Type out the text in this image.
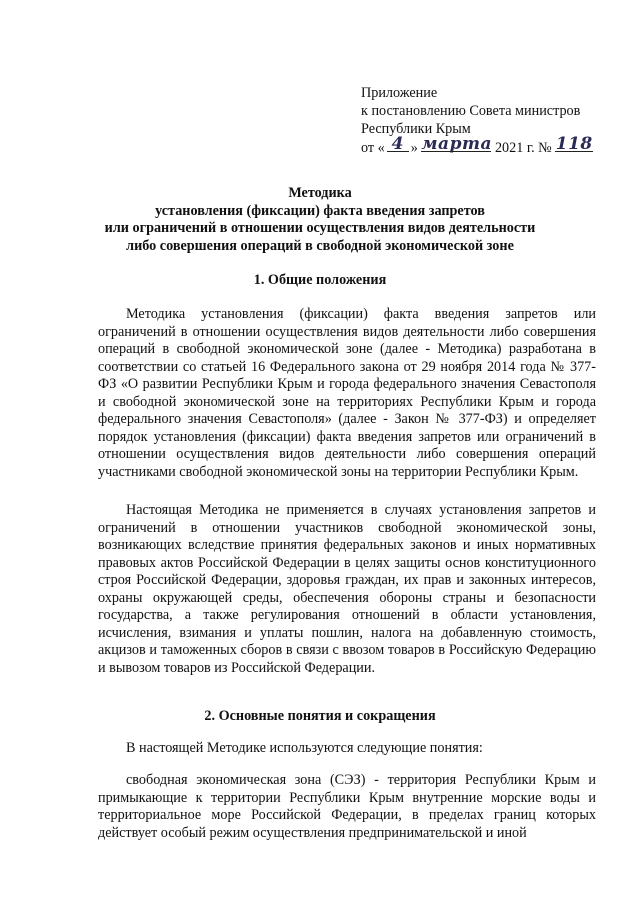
Приложение
к постановлению Совета министров
Республики Крым
от « 4 » марта 2021 г. № 118
Методика
установления (фиксации) факта введения запретов
или ограничений в отношении осуществления видов деятельности
либо совершения операций в свободной экономической зоне
1. Общие положения

Методика установления (фиксации) факта введения запретов или ограничений в отношении осуществления видов деятельности либо совершения операций в свободной экономической зоне (далее - Методика) разработана в соответствии со статьей 16 Федерального закона от 29 ноября 2014 года № 377-ФЗ «О развитии Республики Крым и города федерального значения Севастополя и свободной экономической зоне на территориях Республики Крым и города федерального значения Севастополя» (далее - Закон № 377-ФЗ) и определяет порядок установления (фиксации) факта введения запретов или ограничений в отношении осуществления видов деятельности либо совершения операций участниками свободной экономической зоны на территории Республики Крым.

Настоящая Методика не применяется в случаях установления запретов и ограничений в отношении участников свободной экономической зоны, возникающих вследствие принятия федеральных законов и иных нормативных правовых актов Российской Федерации в целях защиты основ конституционного строя Российской Федерации, здоровья граждан, их прав и законных интересов, охраны окружающей среды, обеспечения обороны страны и безопасности государства, а также регулирования отношений в области установления, исчисления, взимания и уплаты пошлин, налога на добавленную стоимость, акцизов и таможенных сборов в связи с ввозом товаров в Российскую Федерацию и вывозом товаров из Российской Федерации.

2. Основные понятия и сокращения

В настоящей Методике используются следующие понятия:

свободная экономическая зона (СЭЗ) - территория Республики Крым и примыкающие к территории Республики Крым внутренние морские воды и территориальное море Российской Федерации, в пределах границ которых действует особый режим осуществления предпринимательской и иной
